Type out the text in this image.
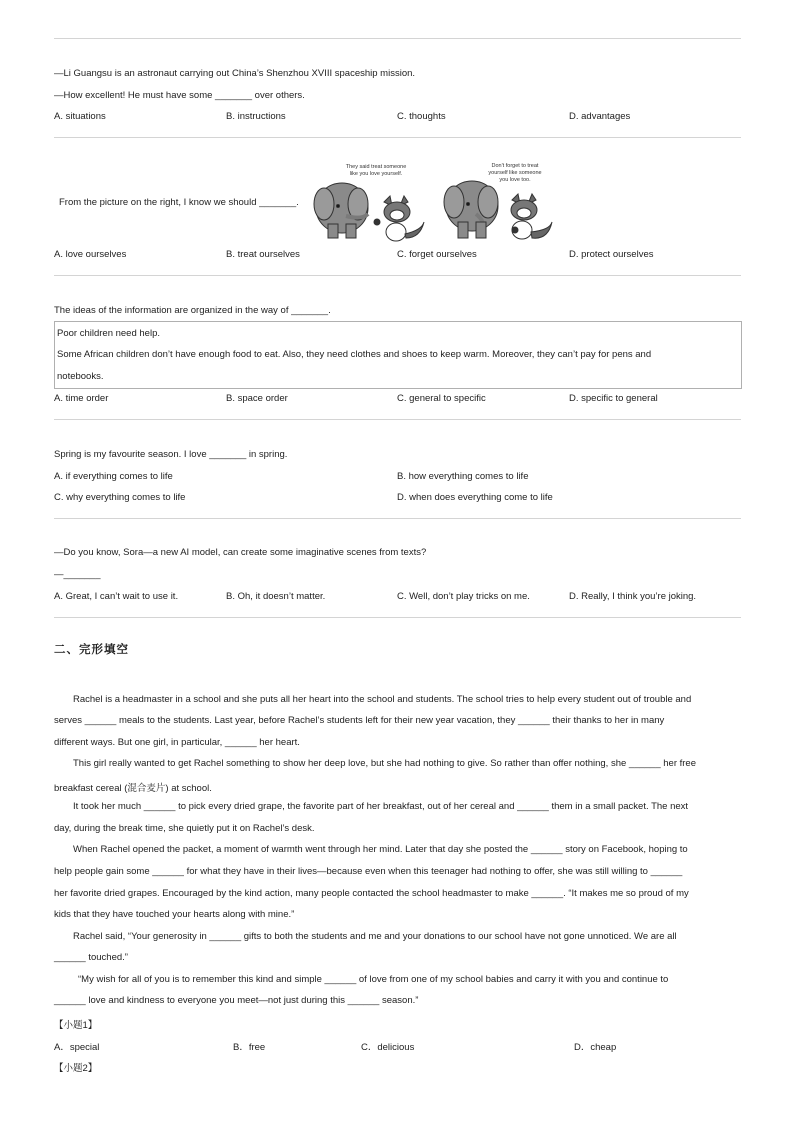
—Li Guangsu is an astronaut carrying out China’s Shenzhou XVIII spaceship mission.
—How excellent! He must have some _______ over others.
A. situations	B. instructions	C. thoughts	D. advantages
From the picture on the right, I know we should _______.
They said treat someone
like you love yourself.
Don't forget to treat
yourself like someone
you love too.
A. love ourselves	B. treat ourselves	C. forget ourselves	D. protect ourselves
The ideas of the information are organized in the way of _______.
Poor children need help.
Some African children don’t have enough food to eat. Also, they need clothes and shoes to keep warm. Moreover, they can’t pay for pens and
notebooks.
A. time order	B. space order	C. general to specific	D. specific to general
Spring is my favourite season. I love _______ in spring.
A. if everything comes to life	B. how everything comes to life
C. why everything comes to life	D. when does everything come to life
—Do you know, Sora—a new AI model, can create some imaginative scenes from texts?
—_______
A. Great, I can’t wait to use it.	B. Oh, it doesn’t matter.	C. Well, don’t play tricks on me.	D. Really, I think you’re joking.
二、完形填空
Rachel is a headmaster in a school and she puts all her heart into the school and students. The school tries to help every student out of trouble and
serves ______ meals to the students. Last year, before Rachel’s students left for their new year vacation, they ______ their thanks to her in many
different ways. But one girl, in particular, ______ her heart.
This girl really wanted to get Rachel something to show her deep love, but she had nothing to give. So rather than offer nothing, she ______ her free
breakfast cereal (混合麦片) at school.
It took her much ______ to pick every dried grape, the favorite part of her breakfast, out of her cereal and ______ them in a small packet. The next
day, during the break time, she quietly put it on Rachel’s desk.
When Rachel opened the packet, a moment of warmth went through her mind. Later that day she posted the ______ story on Facebook, hoping to
help people gain some ______ for what they have in their lives—because even when this teenager had nothing to offer, she was still willing to ______
her favorite dried grapes. Encouraged by the kind action, many people contacted the school headmaster to make ______. “It makes me so proud of my
kids that they have touched your hearts along with mine.”
Rachel said, “Your generosity in ______ gifts to both the students and me and your donations to our school have not gone unnoticed. We are all
______ touched.”
“My wish for all of you is to remember this kind and simple ______ of love from one of my school babies and carry it with you and continue to
______ love and kindness to everyone you meet—not just during this ______ season.”
【小题1】
A．special	B．free	C．delicious	D．cheap
【小题2】
